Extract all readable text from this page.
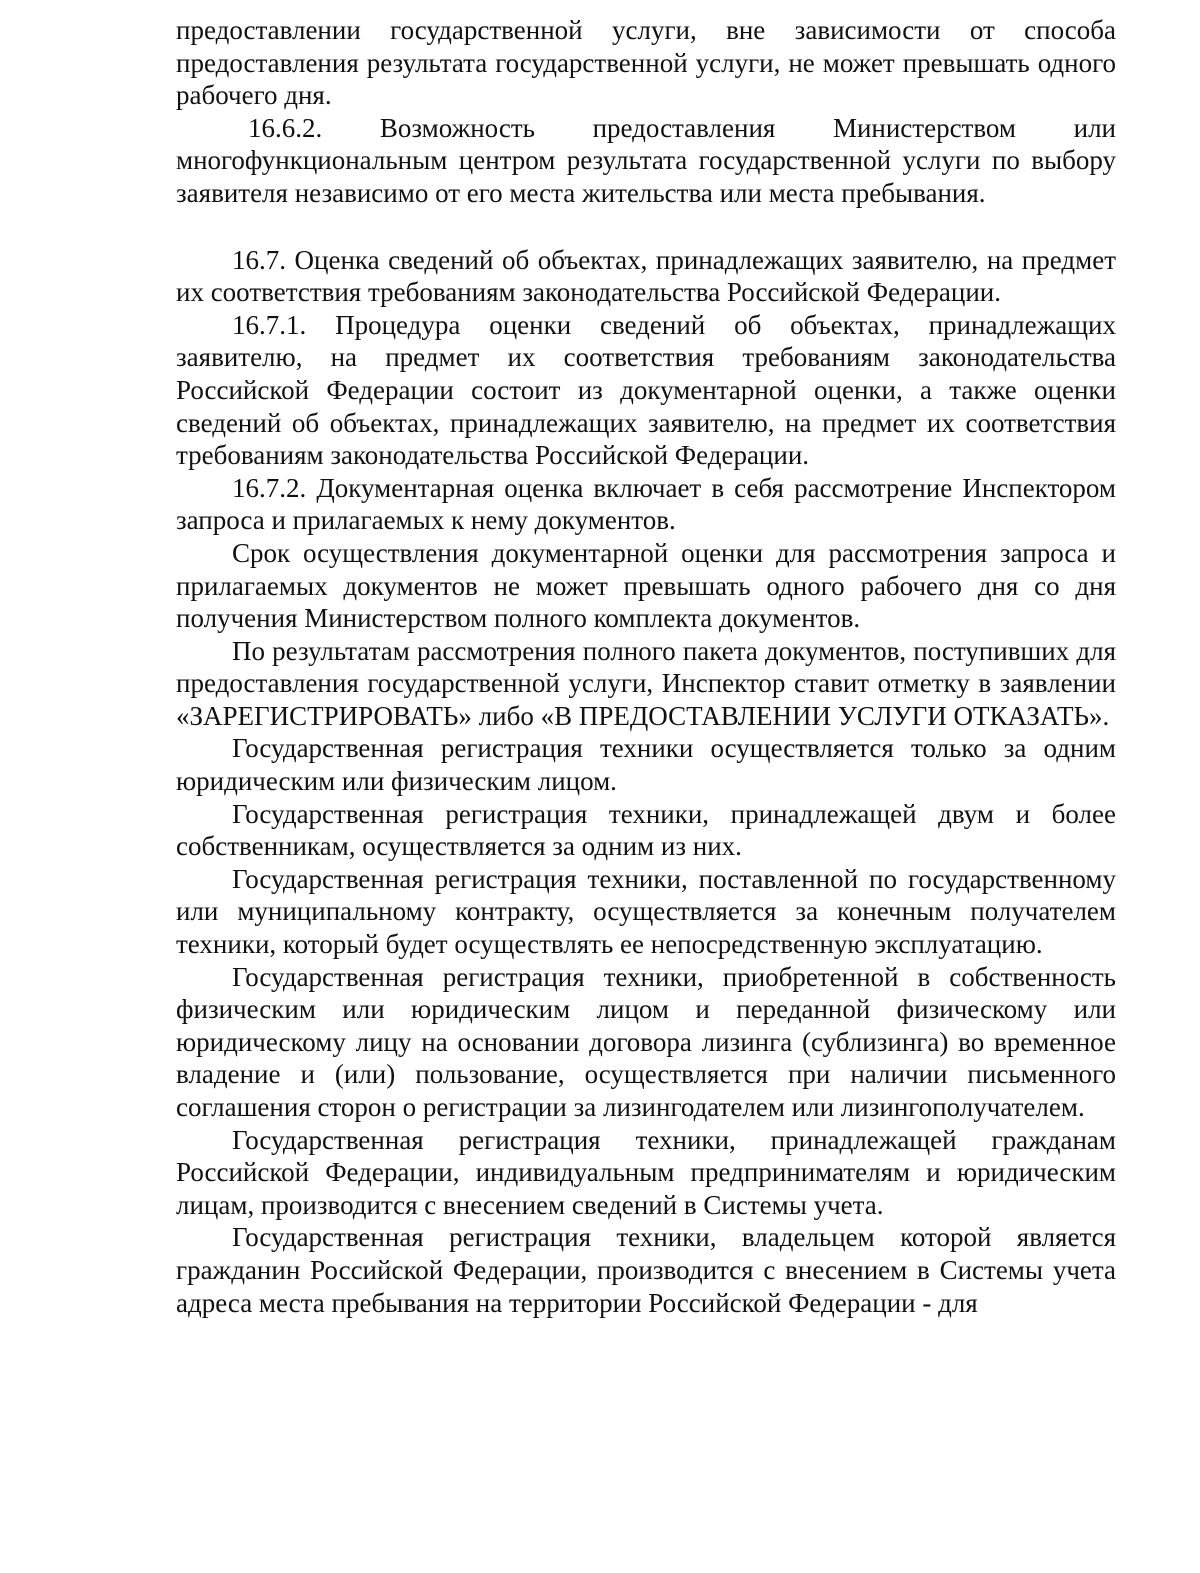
предоставлении государственной услуги, вне зависимости от способа предоставления результата государственной услуги, не может превышать одного рабочего дня.

16.6.2. Возможность предоставления Министерством или многофункциональным центром результата государственной услуги по выбору заявителя независимо от его места жительства или места пребывания.

16.7. Оценка сведений об объектах, принадлежащих заявителю, на предмет их соответствия требованиям законодательства Российской Федерации.

16.7.1. Процедура оценки сведений об объектах, принадлежащих заявителю, на предмет их соответствия требованиям законодательства Российской Федерации состоит из документарной оценки, а также оценки сведений об объектах, принадлежащих заявителю, на предмет их соответствия требованиям законодательства Российской Федерации.

16.7.2. Документарная оценка включает в себя рассмотрение Инспектором запроса и прилагаемых к нему документов.

Срок осуществления документарной оценки для рассмотрения запроса и прилагаемых документов не может превышать одного рабочего дня со дня получения Министерством полного комплекта документов.

По результатам рассмотрения полного пакета документов, поступивших для предоставления государственной услуги, Инспектор ставит отметку в заявлении «ЗАРЕГИСТРИРОВАТЬ» либо «В ПРЕДОСТАВЛЕНИИ УСЛУГИ ОТКАЗАТЬ».

Государственная регистрация техники осуществляется только за одним юридическим или физическим лицом.

Государственная регистрация техники, принадлежащей двум и более собственникам, осуществляется за одним из них.

Государственная регистрация техники, поставленной по государственному или муниципальному контракту, осуществляется за конечным получателем техники, который будет осуществлять ее непосредственную эксплуатацию.

Государственная регистрация техники, приобретенной в собственность физическим или юридическим лицом и переданной физическому или юридическому лицу на основании договора лизинга (сублизинга) во временное владение и (или) пользование, осуществляется при наличии письменного соглашения сторон о регистрации за лизингодателем или лизингополучателем.

Государственная регистрация техники, принадлежащей гражданам Российской Федерации, индивидуальным предпринимателям и юридическим лицам, производится с внесением сведений в Системы учета.

Государственная регистрация техники, владельцем которой является гражданин Российской Федерации, производится с внесением в Системы учета адреса места пребывания на территории Российской Федерации - для
